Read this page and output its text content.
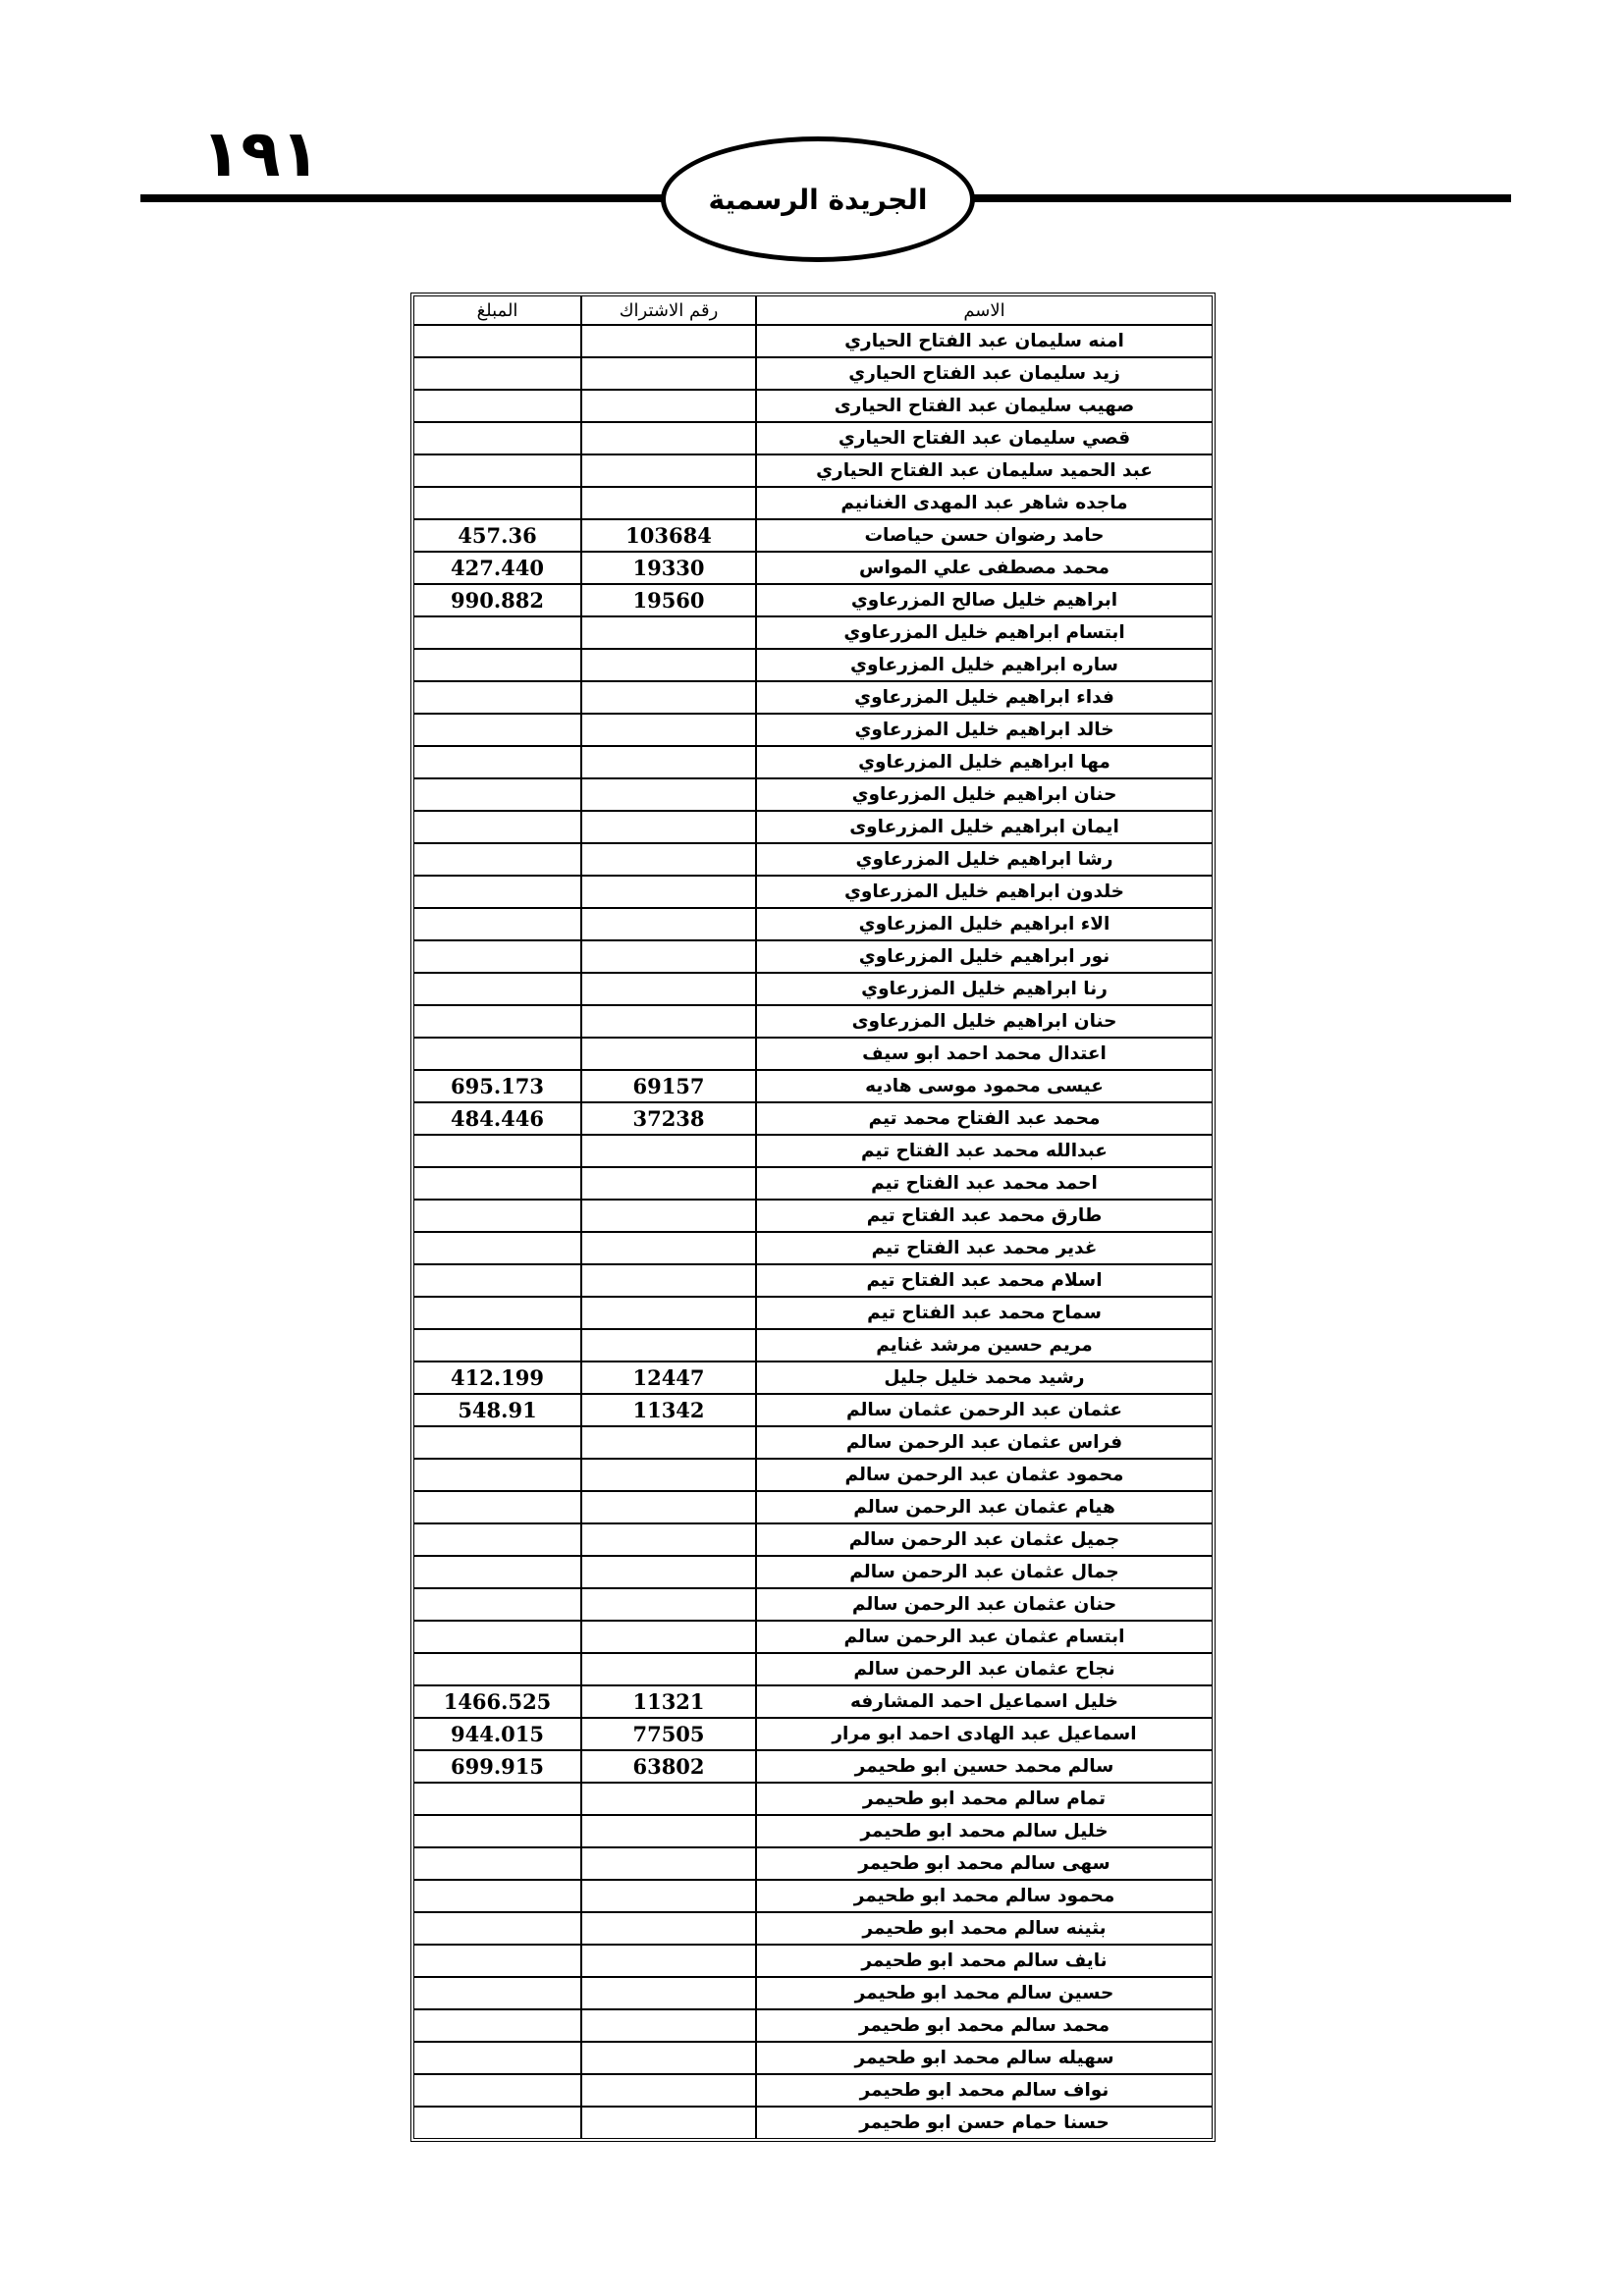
١٩١
الجريدة الرسمية
الاسم	رقم الاشتراك	المبلغ
امنه سليمان عبد الفتاح الحياري		
زيد سليمان عبد الفتاح الحياري		
صهيب سليمان عبد الفتاح الحيارى		
قصي سليمان عبد الفتاح الحياري		
عبد الحميد سليمان عبد الفتاح الحياري		
ماجده شاهر عبد المهدى الغنانيم		
حامد رضوان حسن حياصات	103684	457.36
محمد مصطفى علي المواس	19330	427.440
ابراهيم خليل صالح المزرعاوي	19560	990.882
ابتسام ابراهيم خليل المزرعاوي		
ساره ابراهيم خليل المزرعاوي		
فداء ابراهيم خليل المزرعاوي		
خالد ابراهيم خليل المزرعاوي		
مها ابراهيم خليل المزرعاوي		
حنان ابراهيم خليل المزرعاوي		
ايمان ابراهيم خليل المزرعاوى		
رشا ابراهيم خليل المزرعاوي		
خلدون ابراهيم خليل المزرعاوي		
الاء ابراهيم خليل المزرعاوي		
نور ابراهيم خليل المزرعاوي		
رنا ابراهيم خليل المزرعاوي		
حنان ابراهيم خليل المزرعاوى		
اعتدال محمد احمد ابو سيف		
عيسى محمود موسى هاديه	69157	695.173
محمد عبد الفتاح محمد تيم	37238	484.446
عبدالله محمد عبد الفتاح تيم		
احمد محمد عبد الفتاح تيم		
طارق محمد عبد الفتاح تيم		
غدير محمد عبد الفتاح تيم		
اسلام محمد عبد الفتاح تيم		
سماح محمد عبد الفتاح تيم		
مريم حسين مرشد غنايم		
رشيد محمد خليل جليل	12447	412.199
عثمان عبد الرحمن عثمان سالم	11342	548.91
فراس عثمان عبد الرحمن سالم		
محمود عثمان عبد الرحمن سالم		
هيام عثمان عبد الرحمن سالم		
جميل عثمان عبد الرحمن سالم		
جمال عثمان عبد الرحمن سالم		
حنان عثمان عبد الرحمن سالم		
ابتسام عثمان عبد الرحمن سالم		
نجاح عثمان عبد الرحمن سالم		
خليل اسماعيل احمد المشارفه	11321	1466.525
اسماعيل عبد الهادى احمد ابو مرار	77505	944.015
سالم محمد حسين ابو طحيمر	63802	699.915
تمام سالم محمد ابو طحيمر		
خليل سالم محمد ابو طحيمر		
سهى سالم محمد ابو طحيمر		
محمود سالم محمد ابو طحيمر		
بثينه سالم محمد ابو طحيمر		
نايف سالم محمد ابو طحيمر		
حسين سالم محمد ابو طحيمر		
محمد سالم محمد ابو طحيمر		
سهيله سالم محمد ابو طحيمر		
نواف سالم محمد ابو طحيمر		
حسنا حمام حسن ابو طحيمر		
